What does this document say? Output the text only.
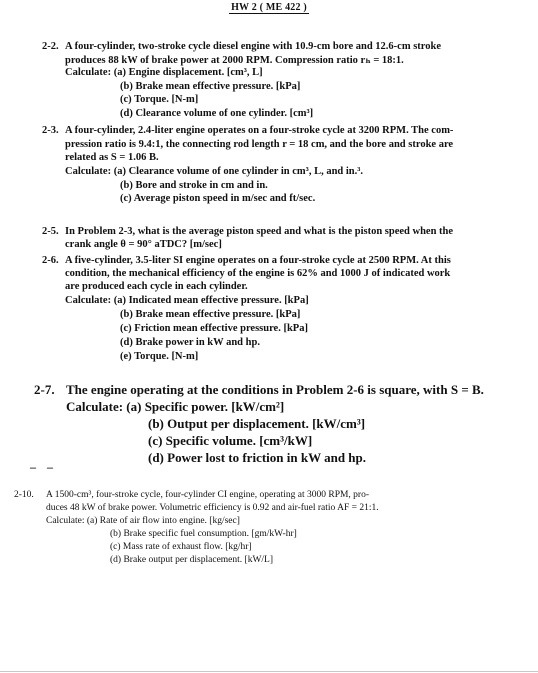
HW 2 ( ME 422 )
2-2. A four-cylinder, two-stroke cycle diesel engine with 10.9-cm bore and 12.6-cm stroke
produces 88 kW of brake power at 2000 RPM. Compression ratio rₕ = 18:1.
Calculate: (a) Engine displacement. [cm³, L]
(b) Brake mean effective pressure. [kPa]
(c) Torque. [N-m]
(d) Clearance volume of one cylinder. [cm³]
2-3. A four-cylinder, 2.4-liter engine operates on a four-stroke cycle at 3200 RPM. The com-
pression ratio is 9.4:1, the connecting rod length r = 18 cm, and the bore and stroke are
related as S = 1.06 B.
Calculate: (a) Clearance volume of one cylinder in cm³, L, and in.³.
(b) Bore and stroke in cm and in.
(c) Average piston speed in m/sec and ft/sec.
2-5. In Problem 2-3, what is the average piston speed and what is the piston speed when the
crank angle θ = 90° aTDC? [m/sec]
2-6. A five-cylinder, 3.5-liter SI engine operates on a four-stroke cycle at 2500 RPM. At this
condition, the mechanical efficiency of the engine is 62% and 1000 J of indicated work
are produced each cycle in each cylinder.
Calculate: (a) Indicated mean effective pressure. [kPa]
(b) Brake mean effective pressure. [kPa]
(c) Friction mean effective pressure. [kPa]
(d) Brake power in kW and hp.
(e) Torque. [N-m]
2-7. The engine operating at the conditions in Problem 2-6 is square, with S = B.
Calculate: (a) Specific power. [kW/cm²]
(b) Output per displacement. [kW/cm³]
(c) Specific volume. [cm³/kW]
(d) Power lost to friction in kW and hp.
– –
2-10. A 1500-cm³, four-stroke cycle, four-cylinder CI engine, operating at 3000 RPM, pro-
duces 48 kW of brake power. Volumetric efficiency is 0.92 and air-fuel ratio AF = 21:1.
Calculate: (a) Rate of air flow into engine. [kg/sec]
(b) Brake specific fuel consumption. [gm/kW-hr]
(c) Mass rate of exhaust flow. [kg/hr]
(d) Brake output per displacement. [kW/L]
